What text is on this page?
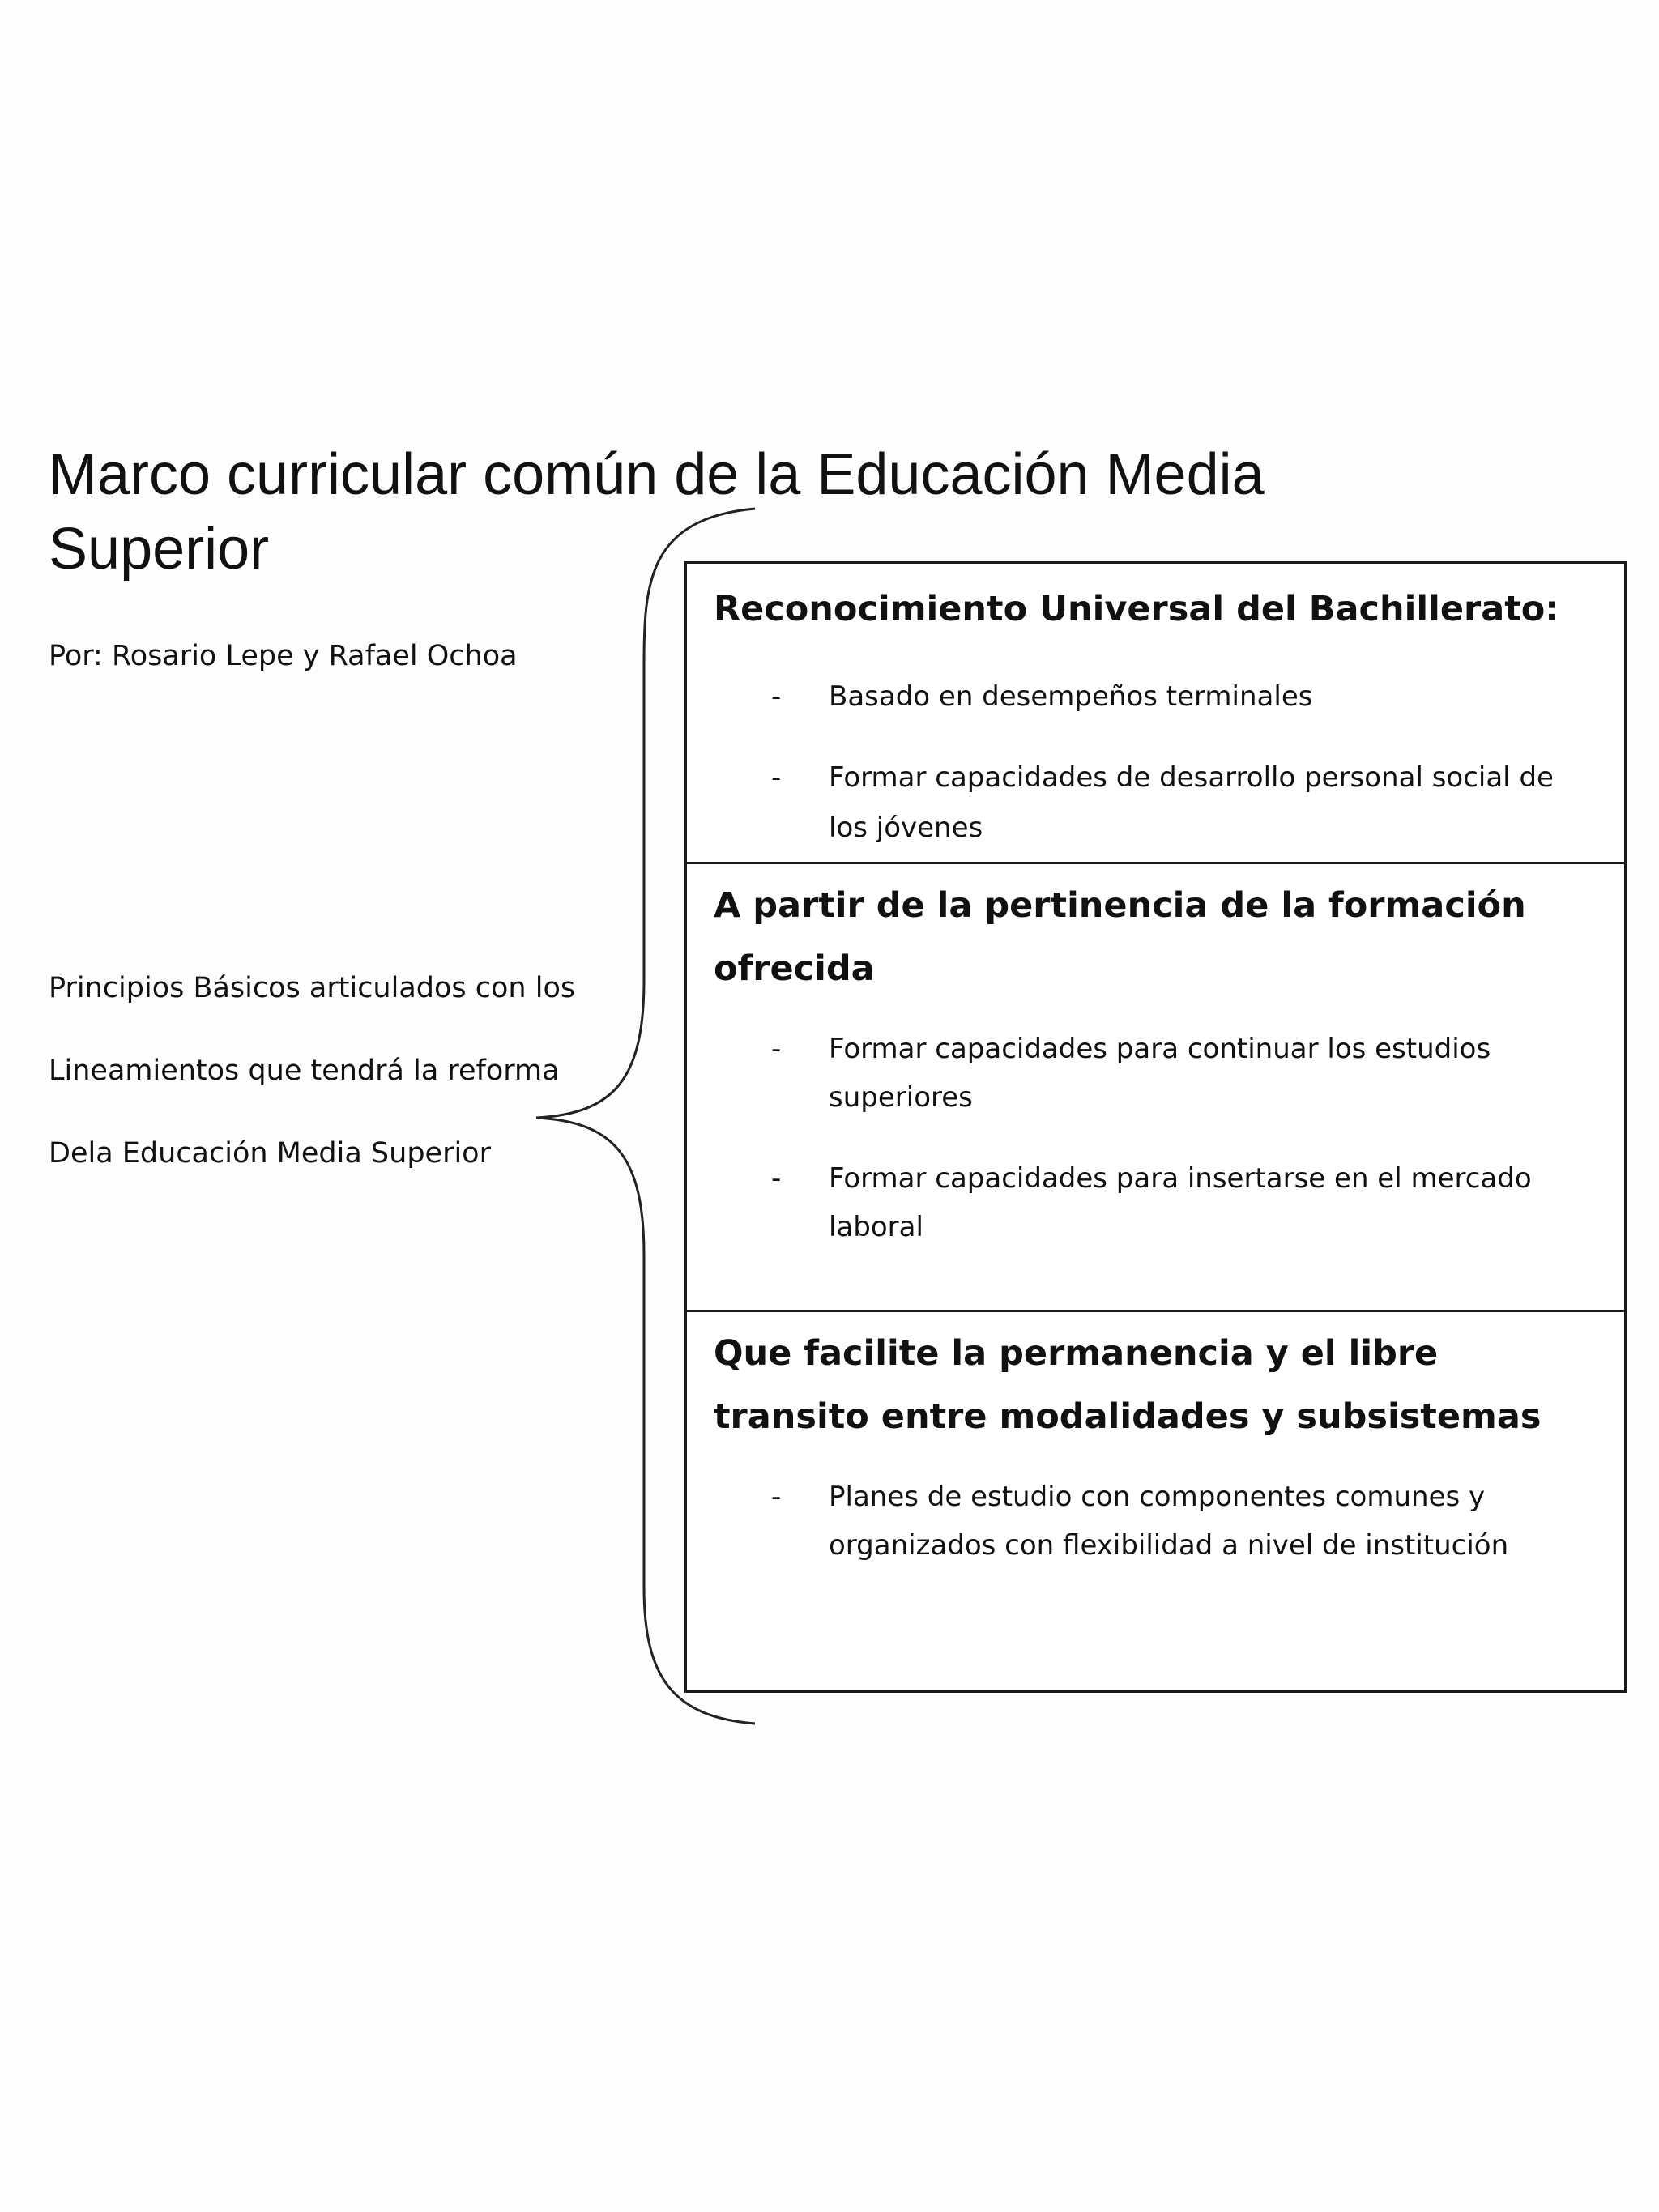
Marco curricular común de la Educación Media Superior
Por: Rosario Lepe y Rafael Ochoa
Principios Básicos articulados con los
Lineamientos que tendrá la reforma
Dela Educación Media Superior
Reconocimiento Universal del Bachillerato:
- Basado en desempeños terminales
- Formar capacidades de desarrollo personal social de los jóvenes
A partir de la pertinencia de la formación ofrecida
- Formar capacidades para continuar los estudios superiores
- Formar capacidades para insertarse en el mercado laboral
Que facilite la permanencia y el libre transito entre modalidades y subsistemas
- Planes de estudio con componentes comunes y organizados con flexibilidad a nivel de institución
